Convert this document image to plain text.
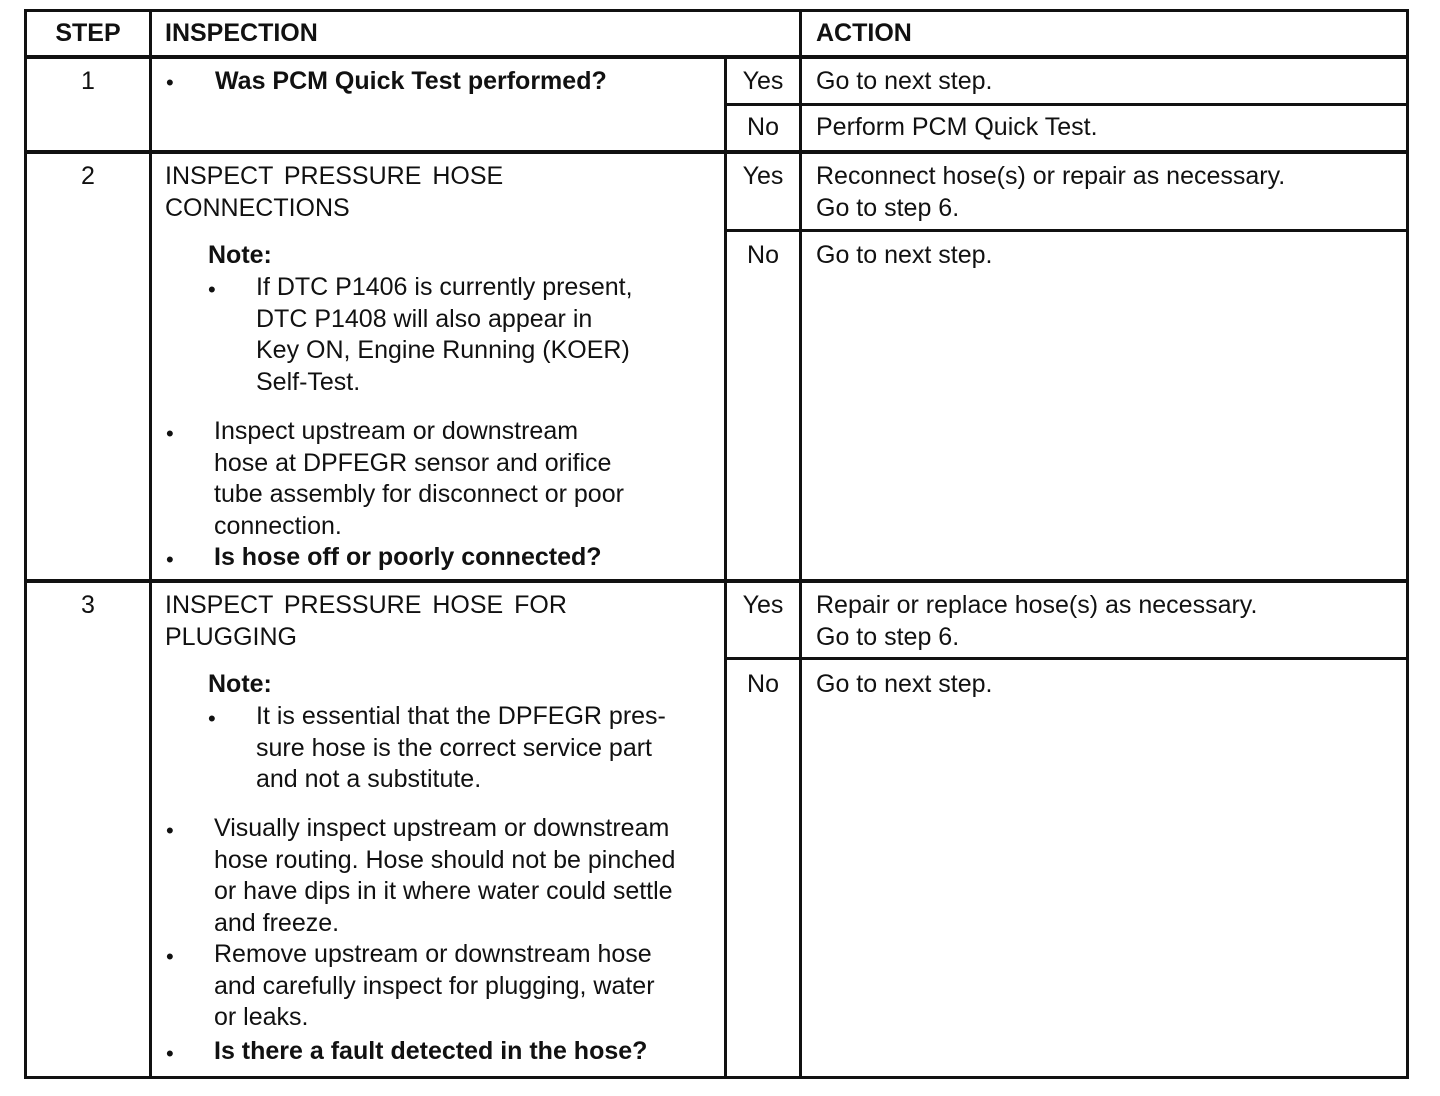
STEP	INSPECTION	ACTION
1	• Was PCM Quick Test performed?	Yes	Go to next step.
No	Perform PCM Quick Test.
2	INSPECT PRESSURE HOSE
CONNECTIONS
Note:
• If DTC P1406 is currently present,
DTC P1408 will also appear in
Key ON, Engine Running (KOER)
Self-Test.
• Inspect upstream or downstream
hose at DPFEGR sensor and orifice
tube assembly for disconnect or poor
connection.
• Is hose off or poorly connected?
Yes	Reconnect hose(s) or repair as necessary.
Go to step 6.
No	Go to next step.
3	INSPECT PRESSURE HOSE FOR
PLUGGING
Note:
• It is essential that the DPFEGR pres-
sure hose is the correct service part
and not a substitute.
• Visually inspect upstream or downstream
hose routing. Hose should not be pinched
or have dips in it where water could settle
and freeze.
• Remove upstream or downstream hose
and carefully inspect for plugging, water
or leaks.
• Is there a fault detected in the hose?
Yes	Repair or replace hose(s) as necessary.
Go to step 6.
No	Go to next step.
